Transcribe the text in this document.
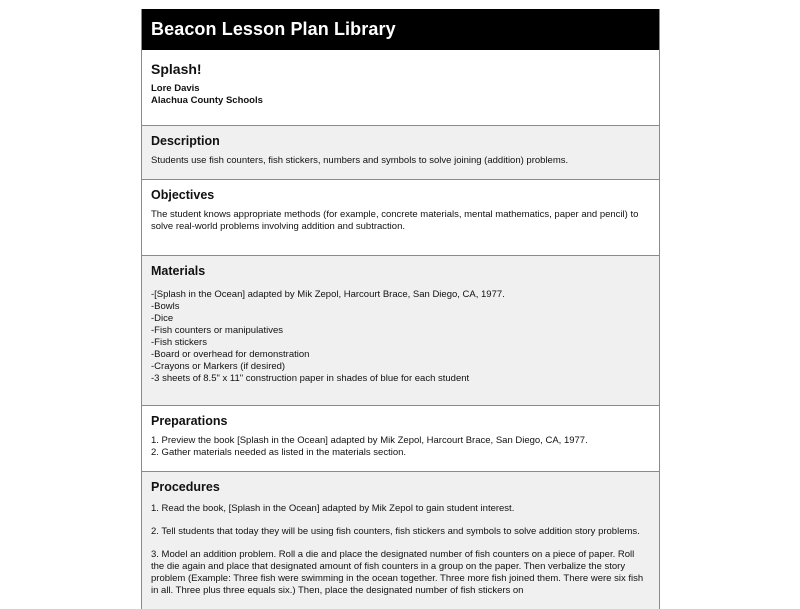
Beacon Lesson Plan Library
Splash!
Lore Davis
Alachua County Schools
Description
Students use fish counters, fish stickers, numbers and symbols to solve joining (addition) problems.
Objectives
The student knows appropriate methods (for example, concrete materials, mental mathematics, paper and pencil) to solve real-world problems involving addition and subtraction.
Materials
-[Splash in the Ocean] adapted by Mik Zepol, Harcourt Brace, San Diego, CA, 1977.
-Bowls
-Dice
-Fish counters or manipulatives
-Fish stickers
-Board or overhead for demonstration
-Crayons or Markers (if desired)
-3 sheets of 8.5" x 11" construction paper in shades of blue for each student
Preparations
1. Preview the book [Splash in the Ocean] adapted by Mik Zepol, Harcourt Brace, San Diego, CA, 1977.
2. Gather materials needed as listed in the materials section.
Procedures

1. Read the book, [Splash in the Ocean] adapted by Mik Zepol to gain student interest.

2. Tell students that today they will be using fish counters, fish stickers and symbols to solve addition story problems.

3. Model an addition problem. Roll a die and place the designated number of fish counters on a piece of paper. Roll the die again and place that designated amount of fish counters in a group on the paper. Then verbalize the story problem (Example: Three fish were swimming in the ocean together. Three more fish joined them. There were six fish in all. Three plus three equals six.) Then, place the designated number of fish stickers on
